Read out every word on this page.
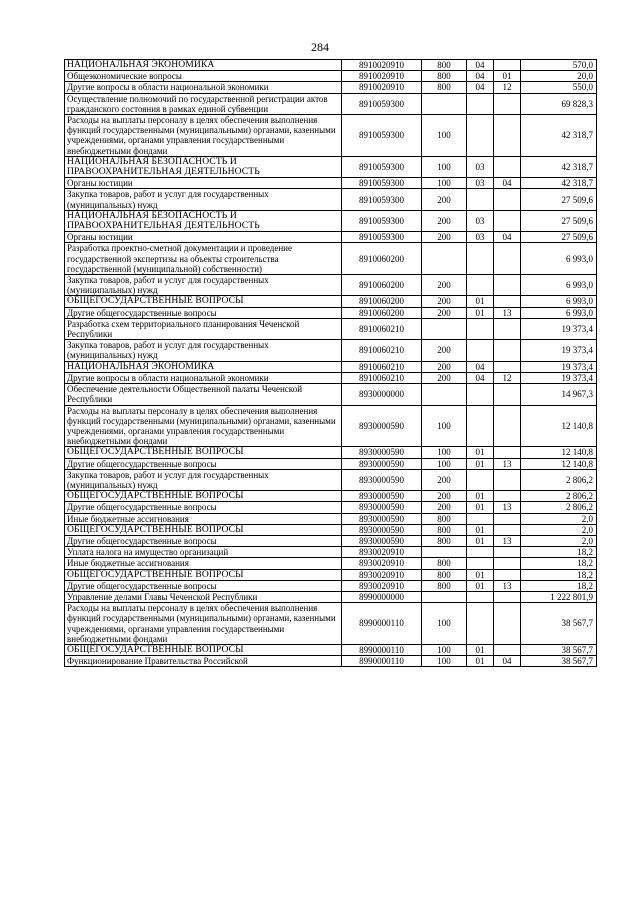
284
НАЦИОНАЛЬНАЯ ЭКОНОМИКА	8910020910	800	04		570,0
Общеэкономические вопросы	8910020910	800	04	01	20,0
Другие вопросы в области национальной экономики	8910020910	800	04	12	550,0
Осуществление полномочий по государственной регистрации актов гражданского состояния в рамках единой субвенции	8910059300				69 828,3
Расходы на выплаты персоналу в целях обеспечения выполнения функций государственными (муниципальными) органами, казенными учреждениями, органами управления государственными внебюджетными фондами	8910059300	100			42 318,7
НАЦИОНАЛЬНАЯ БЕЗОПАСНОСТЬ И ПРАВООХРАНИТЕЛЬНАЯ ДЕЯТЕЛЬНОСТЬ	8910059300	100	03		42 318,7
Органы юстиции	8910059300	100	03	04	42 318,7
Закупка товаров, работ и услуг для государственных (муниципальных) нужд	8910059300	200			27 509,6
НАЦИОНАЛЬНАЯ БЕЗОПАСНОСТЬ И ПРАВООХРАНИТЕЛЬНАЯ ДЕЯТЕЛЬНОСТЬ	8910059300	200	03		27 509,6
Органы юстиции	8910059300	200	03	04	27 509,6
Разработка проектно-сметной документации и проведение государственной экспертизы на объекты строительства государственной (муниципальной) собственности)	8910060200				6 993,0
Закупка товаров, работ и услуг для государственных (муниципальных) нужд	8910060200	200			6 993,0
ОБЩЕГОСУДАРСТВЕННЫЕ ВОПРОСЫ	8910060200	200	01		6 993,0
Другие общегосударственные вопросы	8910060200	200	01	13	6 993,0
Разработка схем территориального планирования Чеченской Республики	8910060210				19 373,4
Закупка товаров, работ и услуг для государственных (муниципальных) нужд	8910060210	200			19 373,4
НАЦИОНАЛЬНАЯ ЭКОНОМИКА	8910060210	200	04		19 373,4
Другие вопросы в области национальной экономики	8910060210	200	04	12	19 373,4
Обеспечение деятельности Общественной палаты Чеченской Республики	8930000000				14 967,3
Расходы на выплаты персоналу в целях обеспечения выполнения функций государственными (муниципальными) органами, казенными учреждениями, органами управления государственными внебюджетными фондами	8930000590	100			12 140,8
ОБЩЕГОСУДАРСТВЕННЫЕ ВОПРОСЫ	8930000590	100	01		12 140,8
Другие общегосударственные вопросы	8930000590	100	01	13	12 140,8
Закупка товаров, работ и услуг для государственных (муниципальных) нужд	8930000590	200			2 806,2
ОБЩЕГОСУДАРСТВЕННЫЕ ВОПРОСЫ	8930000590	200	01		2 806,2
Другие общегосударственные вопросы	8930000590	200	01	13	2 806,2
Иные бюджетные ассигнования	8930000590	800			2,0
ОБЩЕГОСУДАРСТВЕННЫЕ ВОПРОСЫ	8930000590	800	01		2,0
Другие общегосударственные вопросы	8930000590	800	01	13	2,0
Уплата налога на имущество организаций	8930020910				18,2
Иные бюджетные ассигнования	8930020910	800			18,2
ОБЩЕГОСУДАРСТВЕННЫЕ ВОПРОСЫ	8930020910	800	01		18,2
Другие общегосударственные вопросы	8930020910	800	01	13	18,2
Управление делами Главы Чеченской Республики	8990000000				1 222 801,9
Расходы на выплаты персоналу в целях обеспечения выполнения функций государственными (муниципальными) органами, казенными учреждениями, органами управления государственными внебюджетными фондами	8990000110	100			38 567,7
ОБЩЕГОСУДАРСТВЕННЫЕ ВОПРОСЫ	8990000110	100	01		38 567,7
Функционирование Правительства Российской	8990000110	100	01	04	38 567,7
